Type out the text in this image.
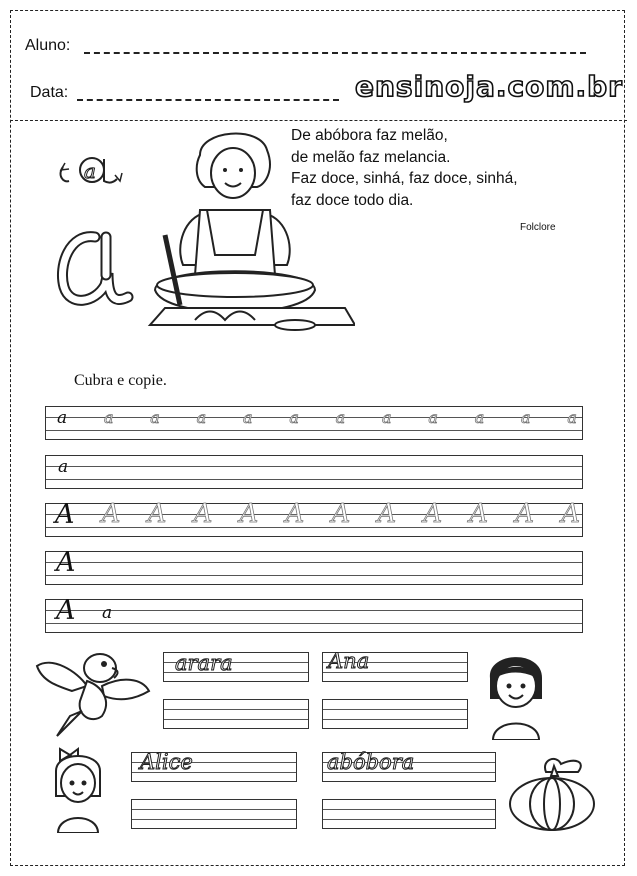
Aluno:
Data:	ensinoja.com.br
a
A
De abóbora faz melão,
de melão faz melancia.
Faz doce, sinhá, faz doce, sinhá,
faz doce todo dia.
Folclore
Cubra e copie.
a a a a a a a a a a a a
a
A A A A A A A A A A A A
A
A a
arara	Ana
Alice	abóbora
